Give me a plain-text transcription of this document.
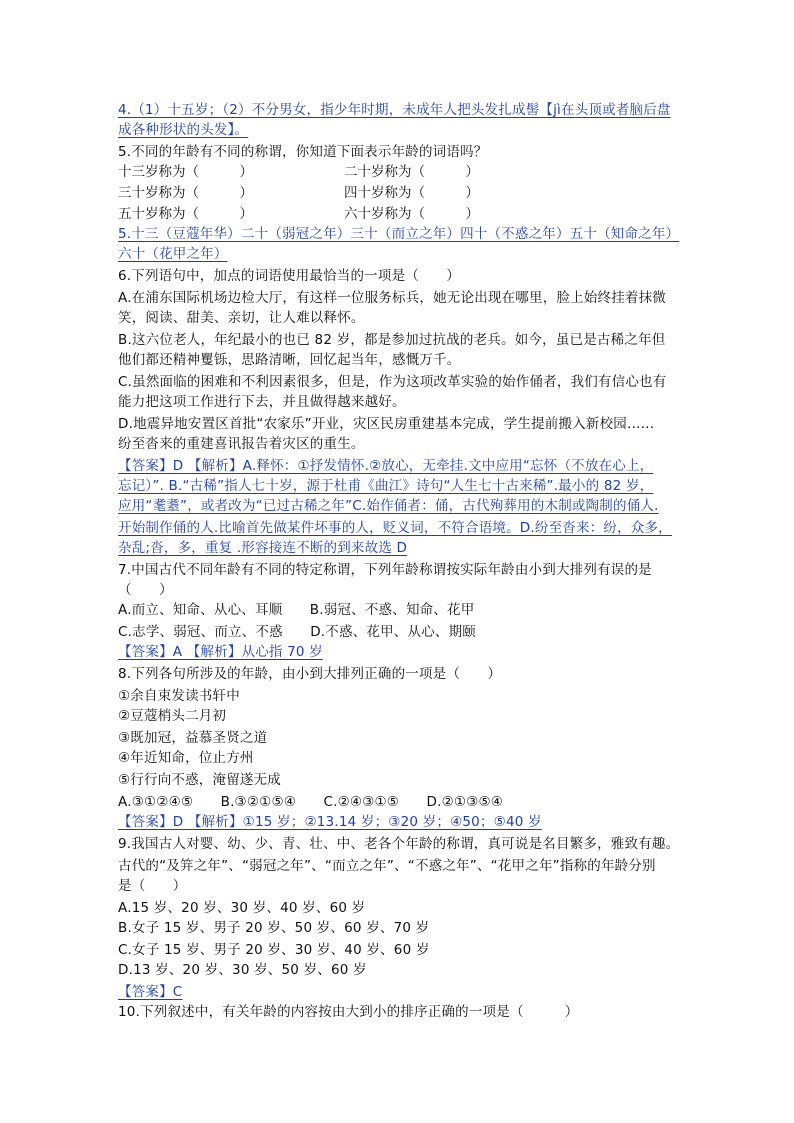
4.（1）十五岁；（2）不分男女，指少年时期，未成年人把头发扎成髻【jì在头顶或者脑后盘
成各种形状的头发】。
5.不同的年龄有不同的称谓，你知道下面表示年龄的词语吗？
5.十三（豆蔻年华）二十（弱冠之年）三十（而立之年）四十（不惑之年）五十（知命之年）
六十（花甲之年）
6.下列语句中，加点的词语使用最恰当的一项是（　　）
A.在浦东国际机场边检大厅，有这样一位服务标兵，她无论出现在哪里，脸上始终挂着抹微
笑，阅读、甜美、亲切，让人难以释怀。
B.这六位老人，年纪最小的也已 82 岁，都是参加过抗战的老兵。如今，虽已是古稀之年但
他们都还精神矍铄，思路清晰，回忆起当年，感慨万千。
C.虽然面临的困难和不利因素很多，但是，作为这项改革实验的始作俑者，我们有信心也有
能力把这项工作进行下去，并且做得越来越好。
D.地震异地安置区首批“农家乐”开业，灾区民房重建基本完成，学生提前搬入新校园……
纷至沓来的重建喜讯报告着灾区的重生。
【答案】D 【解析】A.释怀：①抒发情怀.②放心，无牵挂.文中应用“忘怀（不放在心上，
忘记）”. B.“古稀”指人七十岁，源于杜甫《曲江》诗句“人生七十古来稀”.最小的 82 岁，
应用“耄耋”，或者改为“已过古稀之年”C.始作俑者：俑，古代殉葬用的木制或陶制的俑人.
开始制作俑的人.比喻首先做某件坏事的人，贬义词，不符合语境。D.纷至沓来：纷，众多，
杂乱;沓，多，重复 .形容接连不断的到来故选 D
7.中国古代不同年龄有不同的特定称谓，下列年龄称谓按实际年龄由小到大排列有误的是
（　　）
A.而立、知命、从心、耳顺　　B.弱冠、不惑、知命、花甲
C.志学、弱冠、而立、不惑　　D.不惑、花甲、从心、期颐
【答案】A 【解析】从心指 70 岁
8.下列各句所涉及的年龄，由小到大排列正确的一项是（　　）
①余自束发读书轩中
②豆蔻梢头二月初
③既加冠，益慕圣贤之道
④年近知命，位止方州
⑤行行向不惑，淹留遂无成
A.③①②④⑤　　B.③②①⑤④　　C.②④③①⑤　　D.②①③⑤④
【答案】D 【解析】①15 岁；②13.14 岁；③20 岁；④50；⑤40 岁
9.我国古人对婴、幼、少、青、壮、中、老各个年龄的称谓，真可说是名目繁多，雅致有趣。
古代的“及笄之年”、“弱冠之年”、“而立之年”、“不惑之年”、“花甲之年”指称的年龄分别
是（　　）
A.15 岁、20 岁、30 岁、40 岁、60 岁
B.女子 15 岁、男子 20 岁、50 岁、60 岁、70 岁
C.女子 15 岁、男子 20 岁、30 岁、40 岁、60 岁
D.13 岁、20 岁、30 岁、50 岁、60 岁
【答案】C
10.下列叙述中，有关年龄的内容按由大到小的排序正确的一项是（　　　）
十三岁称为（　　　）	二十岁称为（　　　）
三十岁称为（　　　）	四十岁称为（　　　）
五十岁称为（　　　）	六十岁称为（　　　）
